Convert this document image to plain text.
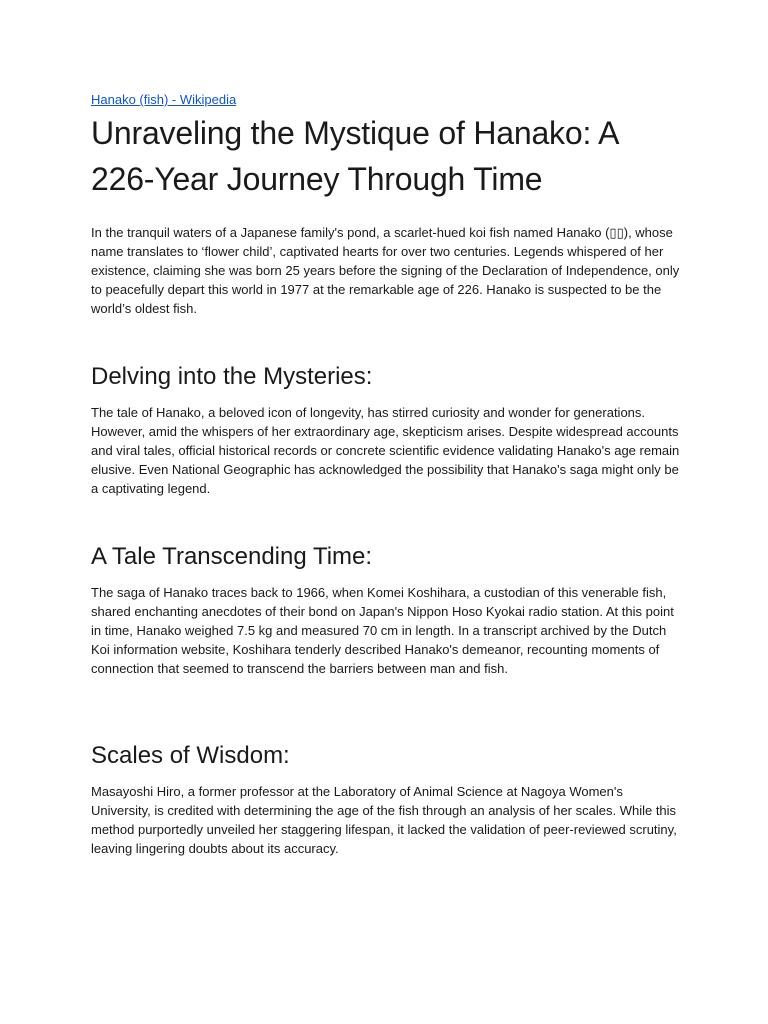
Hanako (fish) - Wikipedia
Unraveling the Mystique of Hanako: A 226-Year Journey Through Time

In the tranquil waters of a Japanese family's pond, a scarlet-hued koi fish named Hanako (▯▯), whose name translates to ‘flower child’, captivated hearts for over two centuries. Legends whispered of her existence, claiming she was born 25 years before the signing of the Declaration of Independence, only to peacefully depart this world in 1977 at the remarkable age of 226. Hanako is suspected to be the world’s oldest fish.

Delving into the Mysteries:

The tale of Hanako, a beloved icon of longevity, has stirred curiosity and wonder for generations. However, amid the whispers of her extraordinary age, skepticism arises. Despite widespread accounts and viral tales, official historical records or concrete scientific evidence validating Hanako's age remain elusive. Even National Geographic has acknowledged the possibility that Hanako's saga might only be a captivating legend.

A Tale Transcending Time:

The saga of Hanako traces back to 1966, when Komei Koshihara, a custodian of this venerable fish, shared enchanting anecdotes of their bond on Japan's Nippon Hoso Kyokai radio station. At this point in time, Hanako weighed 7.5 kg and measured 70 cm in length. In a transcript archived by the Dutch Koi information website, Koshihara tenderly described Hanako's demeanor, recounting moments of connection that seemed to transcend the barriers between man and fish.

Scales of Wisdom:

Masayoshi Hiro, a former professor at the Laboratory of Animal Science at Nagoya Women's University, is credited with determining the age of the fish through an analysis of her scales. While this method purportedly unveiled her staggering lifespan, it lacked the validation of peer-reviewed scrutiny, leaving lingering doubts about its accuracy.
